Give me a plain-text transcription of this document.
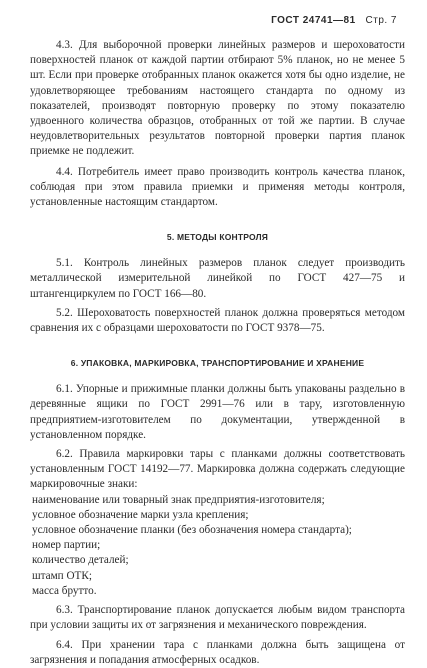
ГОСТ 24741—81 Стр. 7

4.3. Для выборочной проверки линейных размеров и шероховатости поверхностей планок от каждой партии отбирают 5% планок, но не менее 5 шт. Если при проверке отобранных планок окажется хотя бы одно изделие, не удовлетворяющее требованиям настоящего стандарта по одному из показателей, производят повторную проверку по этому показателю удвоенного количества образцов, отобранных от той же партии. В случае неудовлетворительных результатов повторной проверки партия планок приемке не подлежит.

4.4. Потребитель имеет право производить контроль качества планок, соблюдая при этом правила приемки и применяя методы контроля, установленные настоящим стандартом.

5. МЕТОДЫ КОНТРОЛЯ

5.1. Контроль линейных размеров планок следует производить металлической измерительной линейкой по ГОСТ 427—75 и штангенциркулем по ГОСТ 166—80.

5.2. Шероховатость поверхностей планок должна проверяться методом сравнения их с образцами шероховатости по ГОСТ 9378—75.

6. УПАКОВКА, МАРКИРОВКА, ТРАНСПОРТИРОВАНИЕ И ХРАНЕНИЕ

6.1. Упорные и прижимные планки должны быть упакованы раздельно в деревянные ящики по ГОСТ 2991—76 или в тару, изготовленную предприятием-изготовителем по документации, утвержденной в установленном порядке.

6.2. Правила маркировки тары с планками должны соответствовать установленным ГОСТ 14192—77. Маркировка должна содержать следующие маркировочные знаки:

наименование или товарный знак предприятия-изготовителя;

условное обозначение марки узла крепления;

условное обозначение планки (без обозначения номера стандарта);

номер партии;

количество деталей;

штамп ОТК;

масса брутто.

6.3. Транспортирование планок допускается любым видом транспорта при условии защиты их от загрязнения и механического повреждения.

6.4. При хранении тара с планками должна быть защищена от загрязнения и попадания атмосферных осадков.
